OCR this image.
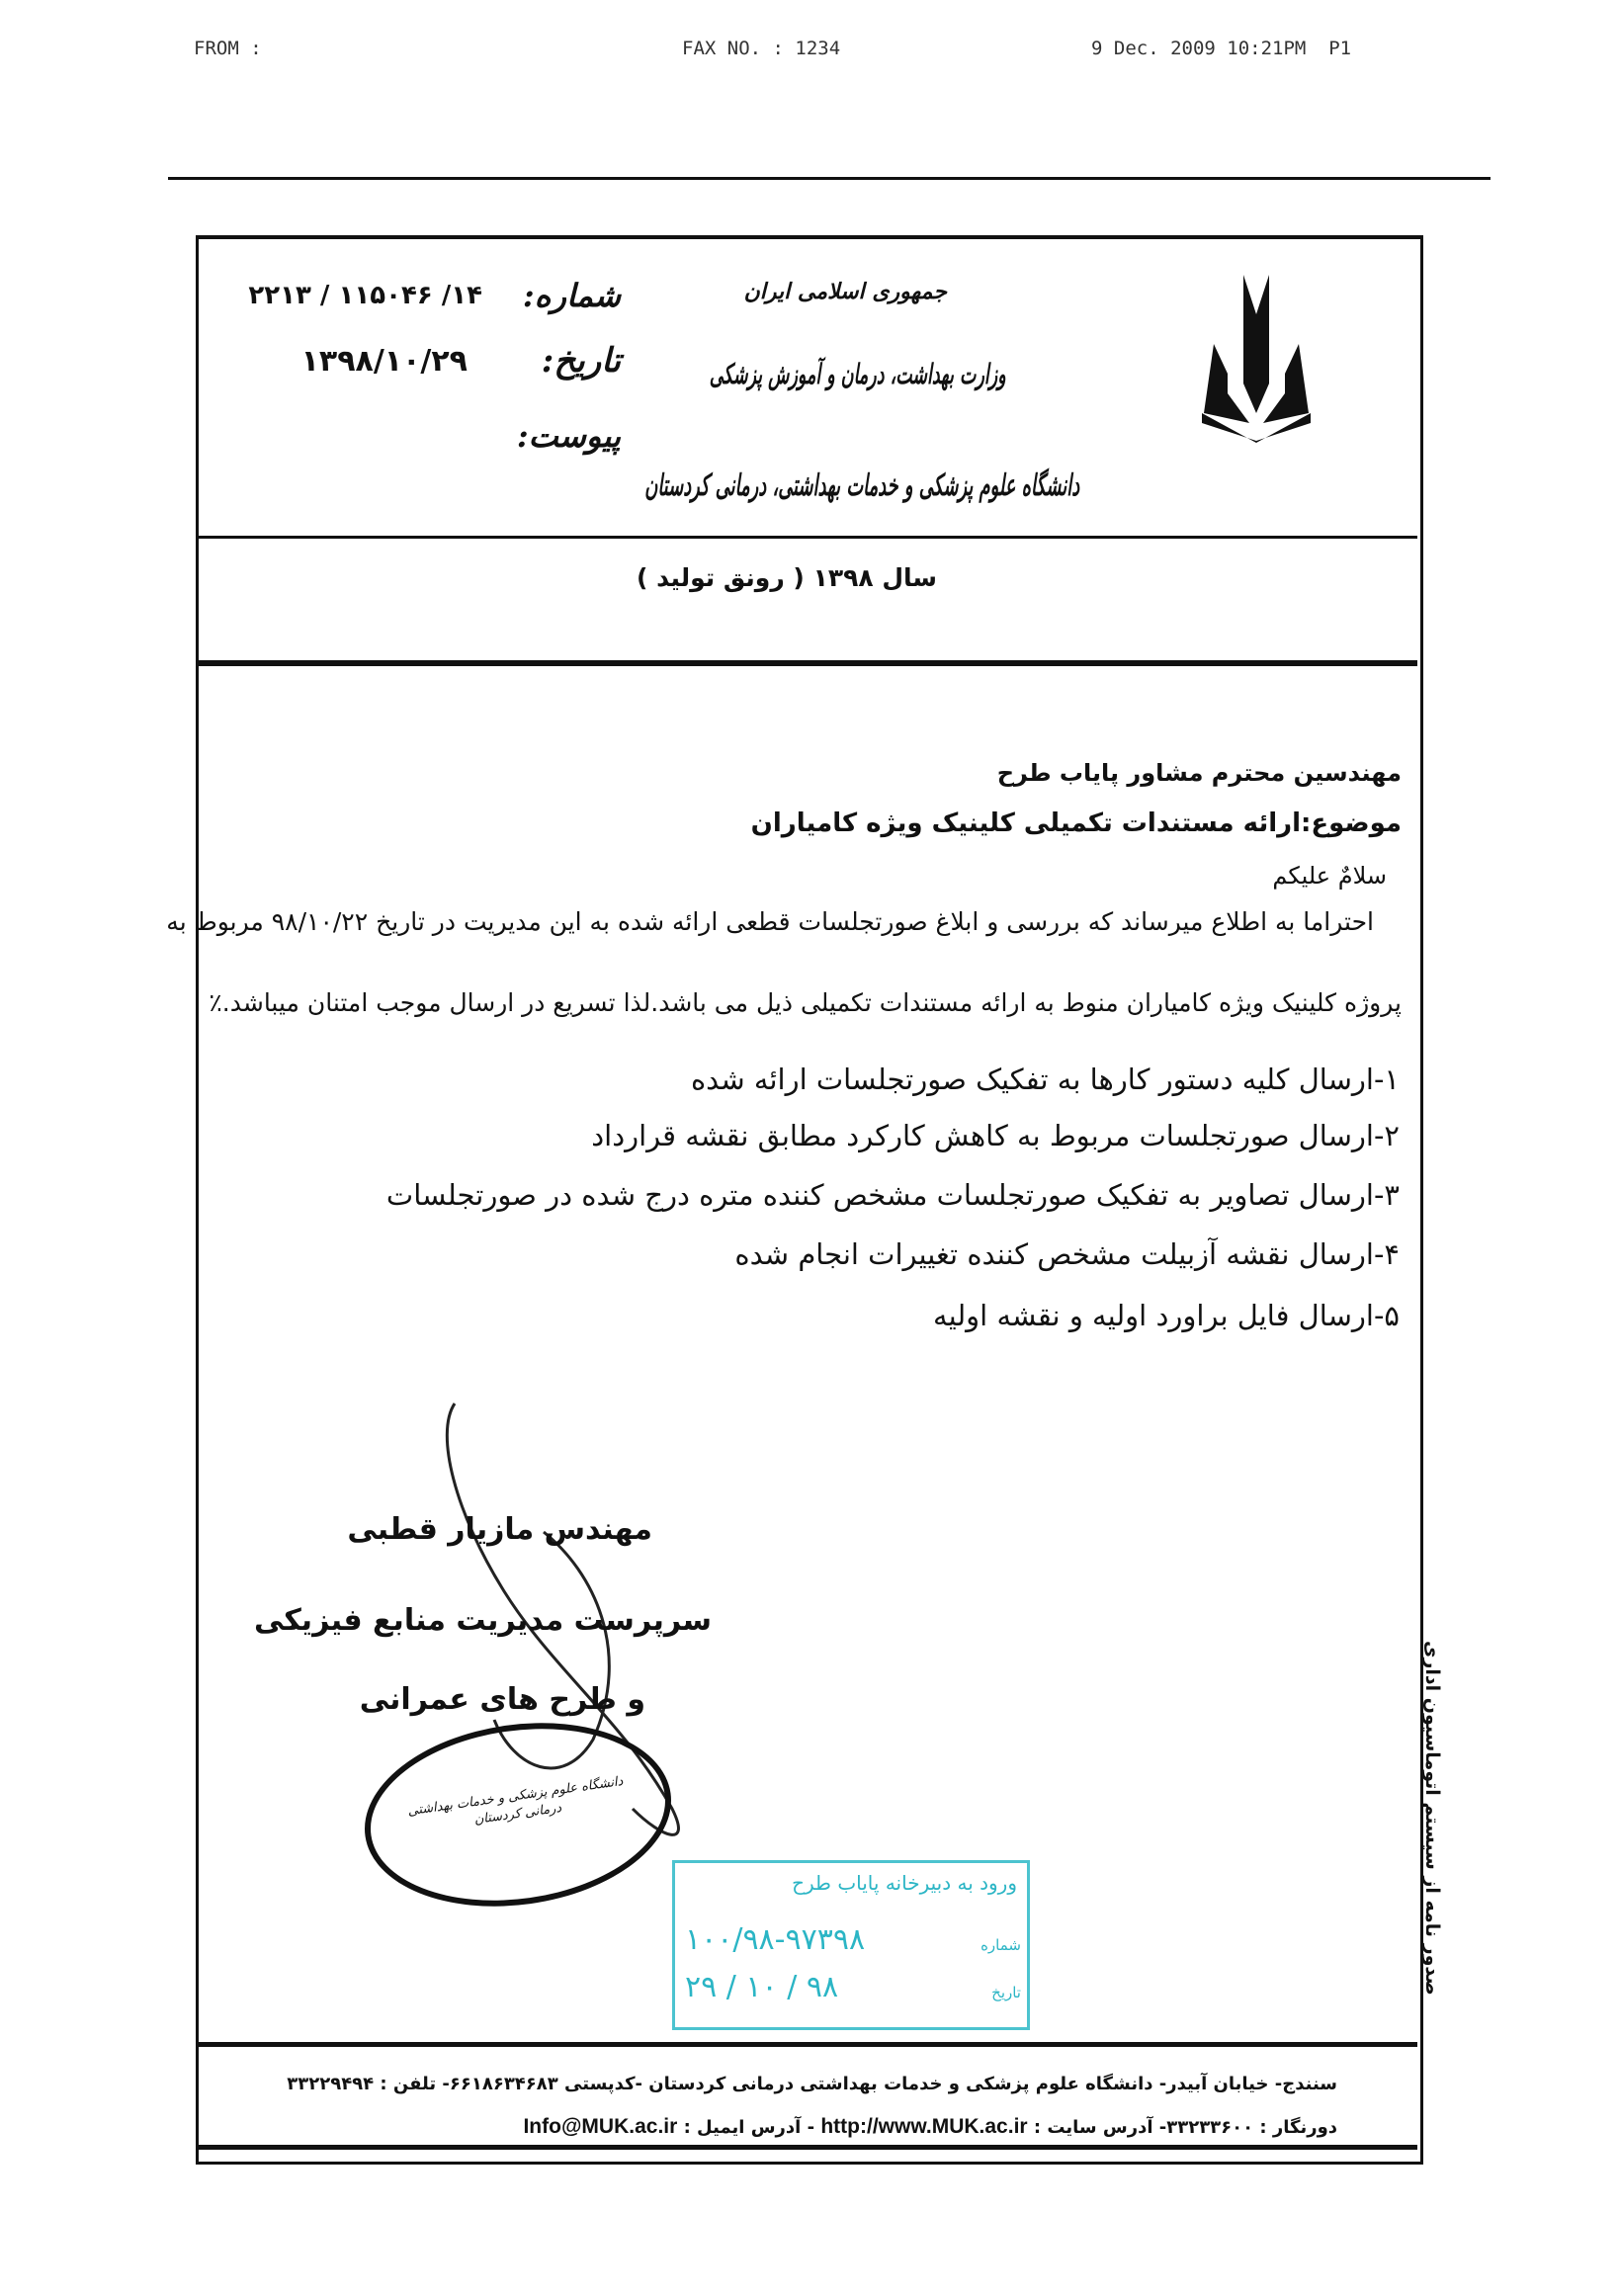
FROM :	FAX NO. : 1234	9 Dec. 2009 10:21PM  P1
جمهوری اسلامی ایران
وزارت بهداشت، درمان و آموزش پزشکی
دانشگاه علوم پزشکی و خدمات بهداشتی، درمانی کردستان
شماره:
۱۴/ ۱۱۵۰۴۶ / ۲۲۱۳
تاریخ:
۱۳۹۸/۱۰/۲۹
پیوست:
سال ۱۳۹۸ ( رونق تولید )
مهندسین محترم مشاور پایاب طرح
موضوع:ارائه مستندات تکمیلی کلینیک ویژه کامیاران
سلامٌ علیکم
احتراما به اطلاع میرساند که بررسی و ابلاغ صورتجلسات قطعی ارائه شده به این مدیریت در تاریخ ۹۸/۱۰/۲۲ مربوط به
پروژه کلینیک ویژه کامیاران منوط به ارائه مستندات تکمیلی ذیل می باشد.لذا تسریع در ارسال موجب امتنان میباشد.٪
۱-ارسال کلیه دستور کارها به تفکیک صورتجلسات ارائه شده
۲-ارسال صورتجلسات مربوط به کاهش کارکرد مطابق نقشه قرارداد
۳-ارسال تصاویر به تفکیک صورتجلسات مشخص کننده متره درج شده در صورتجلسات
۴-ارسال نقشه آزبیلت مشخص کننده تغییرات انجام شده
۵-ارسال فایل براورد اولیه و نقشه اولیه
مهندس مازیار قطبی
سرپرست مدیریت منابع فیزیکی
و طرح های عمرانی
دانشگاه علوم پزشکی و خدمات بهداشتی درمانی کردستان
ورود به دبیرخانه پایاب طرح
شماره
۱۰۰/۹۸-۹۷۳۹۸
تاریخ
۹۸ / ۱۰ / ۲۹	صدور نامه از سیستم اتوماسیون اداری
سنندج- خیابان آبیدر- دانشگاه علوم پزشکی و خدمات بهداشتی درمانی کردستان -کدپستی ۶۶۱۸۶۳۴۶۸۳- تلفن : ۳۳۲۲۹۴۹۴
دورنگار : ۳۳۲۳۳۶۰۰- آدرس سایت : http://www.MUK.ac.ir - آدرس ایمیل : Info@MUK.ac.ir
